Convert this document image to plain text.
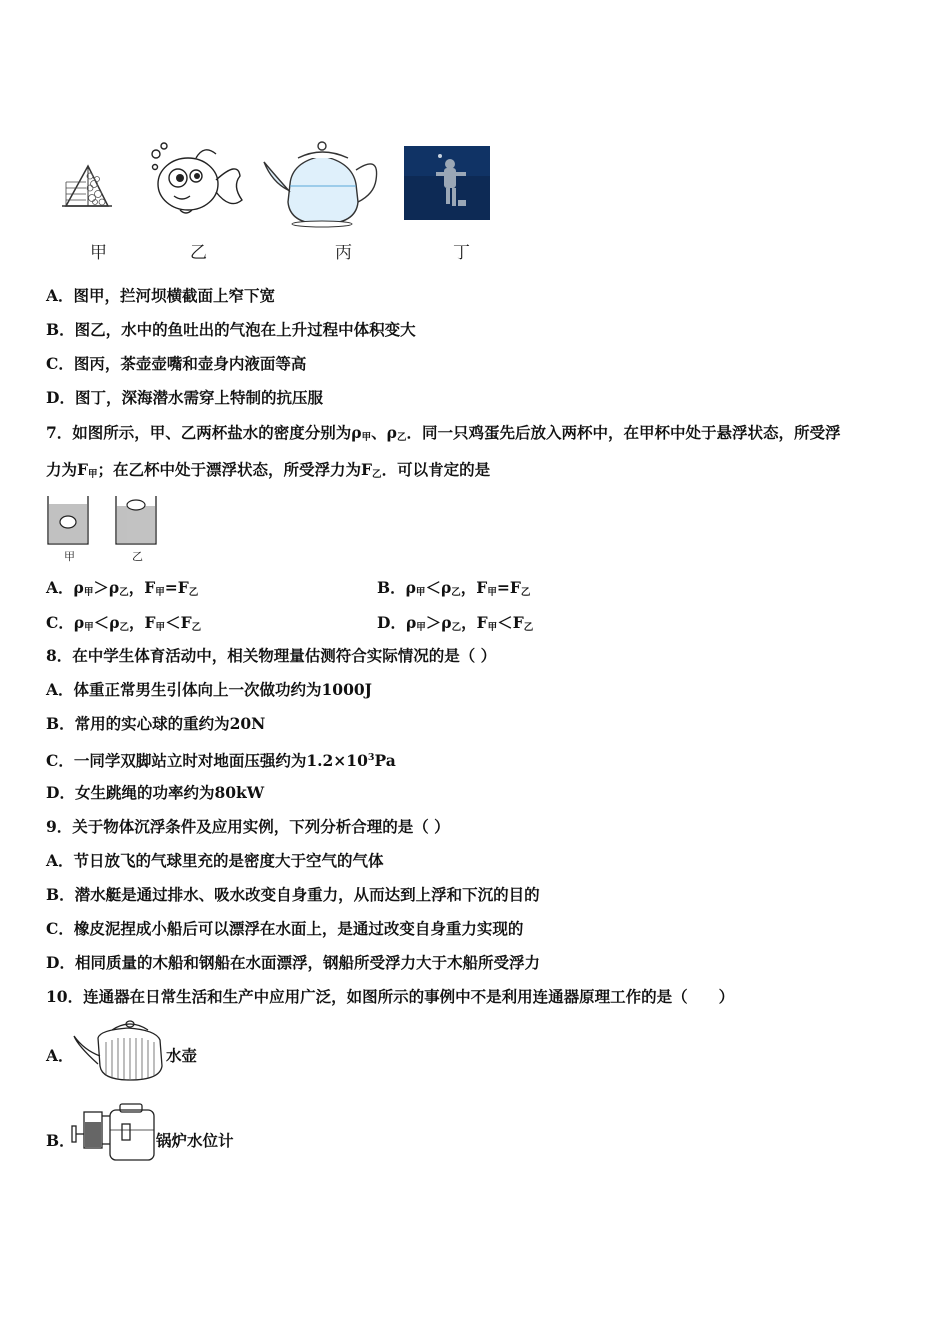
甲	乙	丙	丁
A．图甲，拦河坝横截面上窄下宽
B．图乙，水中的鱼吐出的气泡在上升过程中体积变大
C．图丙，茶壶壶嘴和壶身内液面等高
D．图丁，深海潜水需穿上特制的抗压服
7．如图所示，甲、乙两杯盐水的密度分别为$\rho_甲$、$\rho_乙$．同一只鸡蛋先后放入两杯中，在甲杯中处于悬浮状态，所受浮
力为$F_甲$；在乙杯中处于漂浮状态，所受浮力为$F_乙$．可以肯定的是
甲	乙
A．$\rho_甲>\rho_乙$，$F_甲=F_乙$	B．$\rho_甲<\rho_乙$，$F_甲=F_乙$
C．$\rho_甲<\rho_乙$，$F_甲<F_乙$	D．$\rho_甲>\rho_乙$，$F_甲<F_乙$
8．在中学生体育活动中，相关物理量估测符合实际情况的是（ ）
A．体重正常男生引体向上一次做功约为1000J
B．常用的实心球的重约为20N
C．一同学双脚站立时对地面压强约为$1.2\times 10^3Pa$
D．女生跳绳的功率约为80kW
9．关于物体沉浮条件及应用实例，下列分析合理的是（ ）
A．节日放飞的气球里充的是密度大于空气的气体
B．潜水艇是通过排水、吸水改变自身重力，从而达到上浮和下沉的目的
C．橡皮泥捏成小船后可以漂浮在水面上，是通过改变自身重力实现的
D．相同质量的木船和钢船在水面漂浮，钢船所受浮力大于木船所受浮力
10．连通器在日常生活和生产中应用广泛，如图所示的事例中不是利用连通器原理工作的是（　　）
A．	水壶
B．	锅炉水位计
